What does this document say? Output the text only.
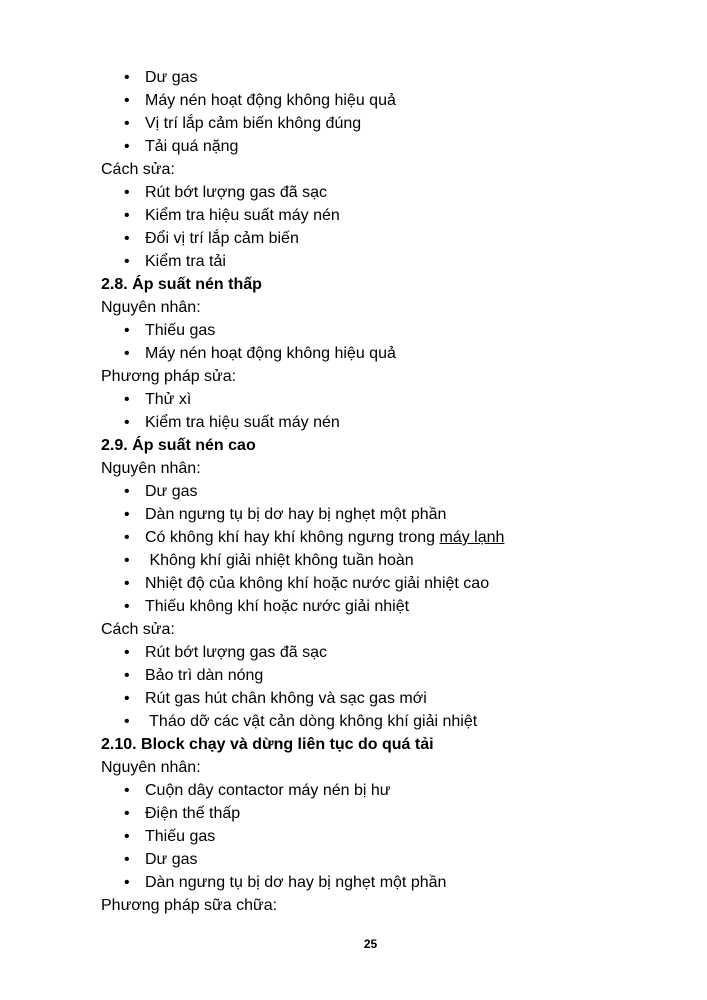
• Dư gas
• Máy nén hoạt động không hiệu quả
• Vị trí lắp cảm biến không đúng
• Tải quá nặng
Cách sửa:
• Rút bớt lượng gas đã sạc
• Kiểm tra hiệu suất máy nén
• Đổi vị trí lắp cảm biến
• Kiểm tra tải
2.8. Áp suất nén thấp
Nguyên nhân:
• Thiếu gas
• Máy nén hoạt động không hiệu quả
Phương pháp sửa:
• Thử xì
• Kiểm tra hiệu suất máy nén
2.9. Áp suất nén cao
Nguyên nhân:
• Dư gas
• Dàn ngưng tụ bị dơ hay bị nghẹt một phần
• Có không khí hay khí không ngưng trong máy lạnh
• Không khí giải nhiệt không tuần hoàn
• Nhiệt độ của không khí hoặc nước giải nhiệt cao
• Thiếu không khí hoặc nước giải nhiệt
Cách sửa:
• Rút bớt lượng gas đã sạc
• Bảo trì dàn nóng
• Rút gas hút chân không và sạc gas mới
• Tháo dỡ các vật cản dòng không khí giải nhiệt
2.10. Block chạy và dừng liên tục do quá tải
Nguyên nhân:
• Cuộn dây contactor máy nén bị hư
• Điện thế thấp
• Thiếu gas
• Dư gas
• Dàn ngưng tụ bị dơ hay bị nghẹt một phần
Phương pháp sữa chữa:
25
